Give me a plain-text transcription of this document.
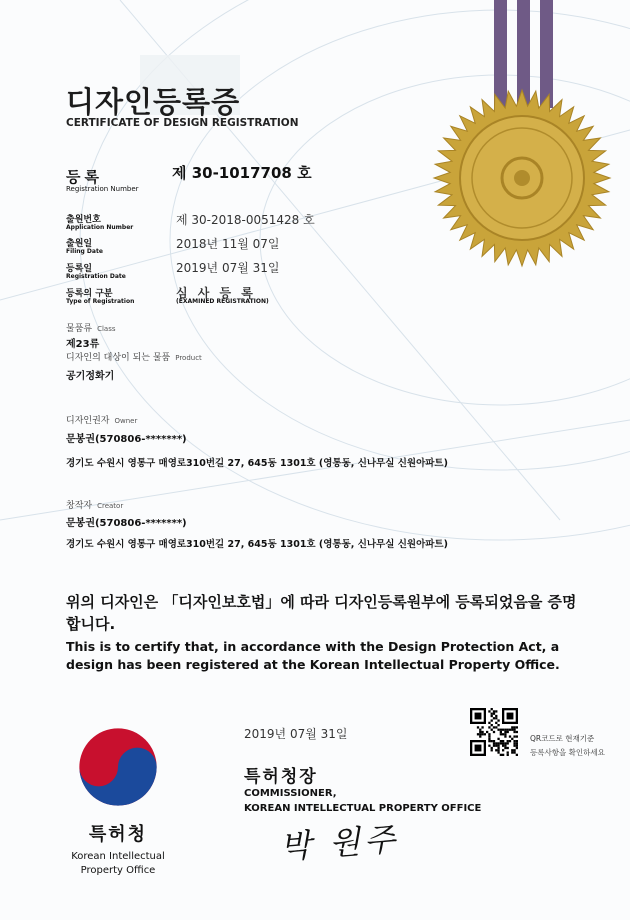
디자인등록증
CERTIFICATE OF DESIGN REGISTRATION
등록
Registration Number
제 30-1017708 호
출원번호
Application Number
제 30-2018-0051428 호
출원일
Filing Date
2018년 11월 07일
등록일
Registration Date
2019년 07월 31일
등록의 구분
Type of Registration
심 사 등 록
(EXAMINED REGISTRATION)
물품류 Class
제23류
디자인의 대상이 되는 물품 Product
공기정화기
디자인권자 Owner
문봉권(570806-*******)
경기도 수원시 영통구 매영로310번길 27, 645동 1301호 (영통동, 신나무실 신원아파트)
창작자 Creator
문봉권(570806-*******)
경기도 수원시 영통구 매영로310번길 27, 645동 1301호 (영통동, 신나무실 신원아파트)
위의 디자인은 「디자인보호법」에 따라 디자인등록원부에 등록되었음을 증명합니다.
This is to certify that, in accordance with the Design Protection Act, a design has been registered at the Korean Intellectual Property Office.
특허청
Korean Intellectual
Property Office
2019년 07월 31일
특허청장
COMMISSIONER,
KOREAN INTELLECTUAL PROPERTY OFFICE
박 원주
QR코드로 현재기준
등록사항을 확인하세요
